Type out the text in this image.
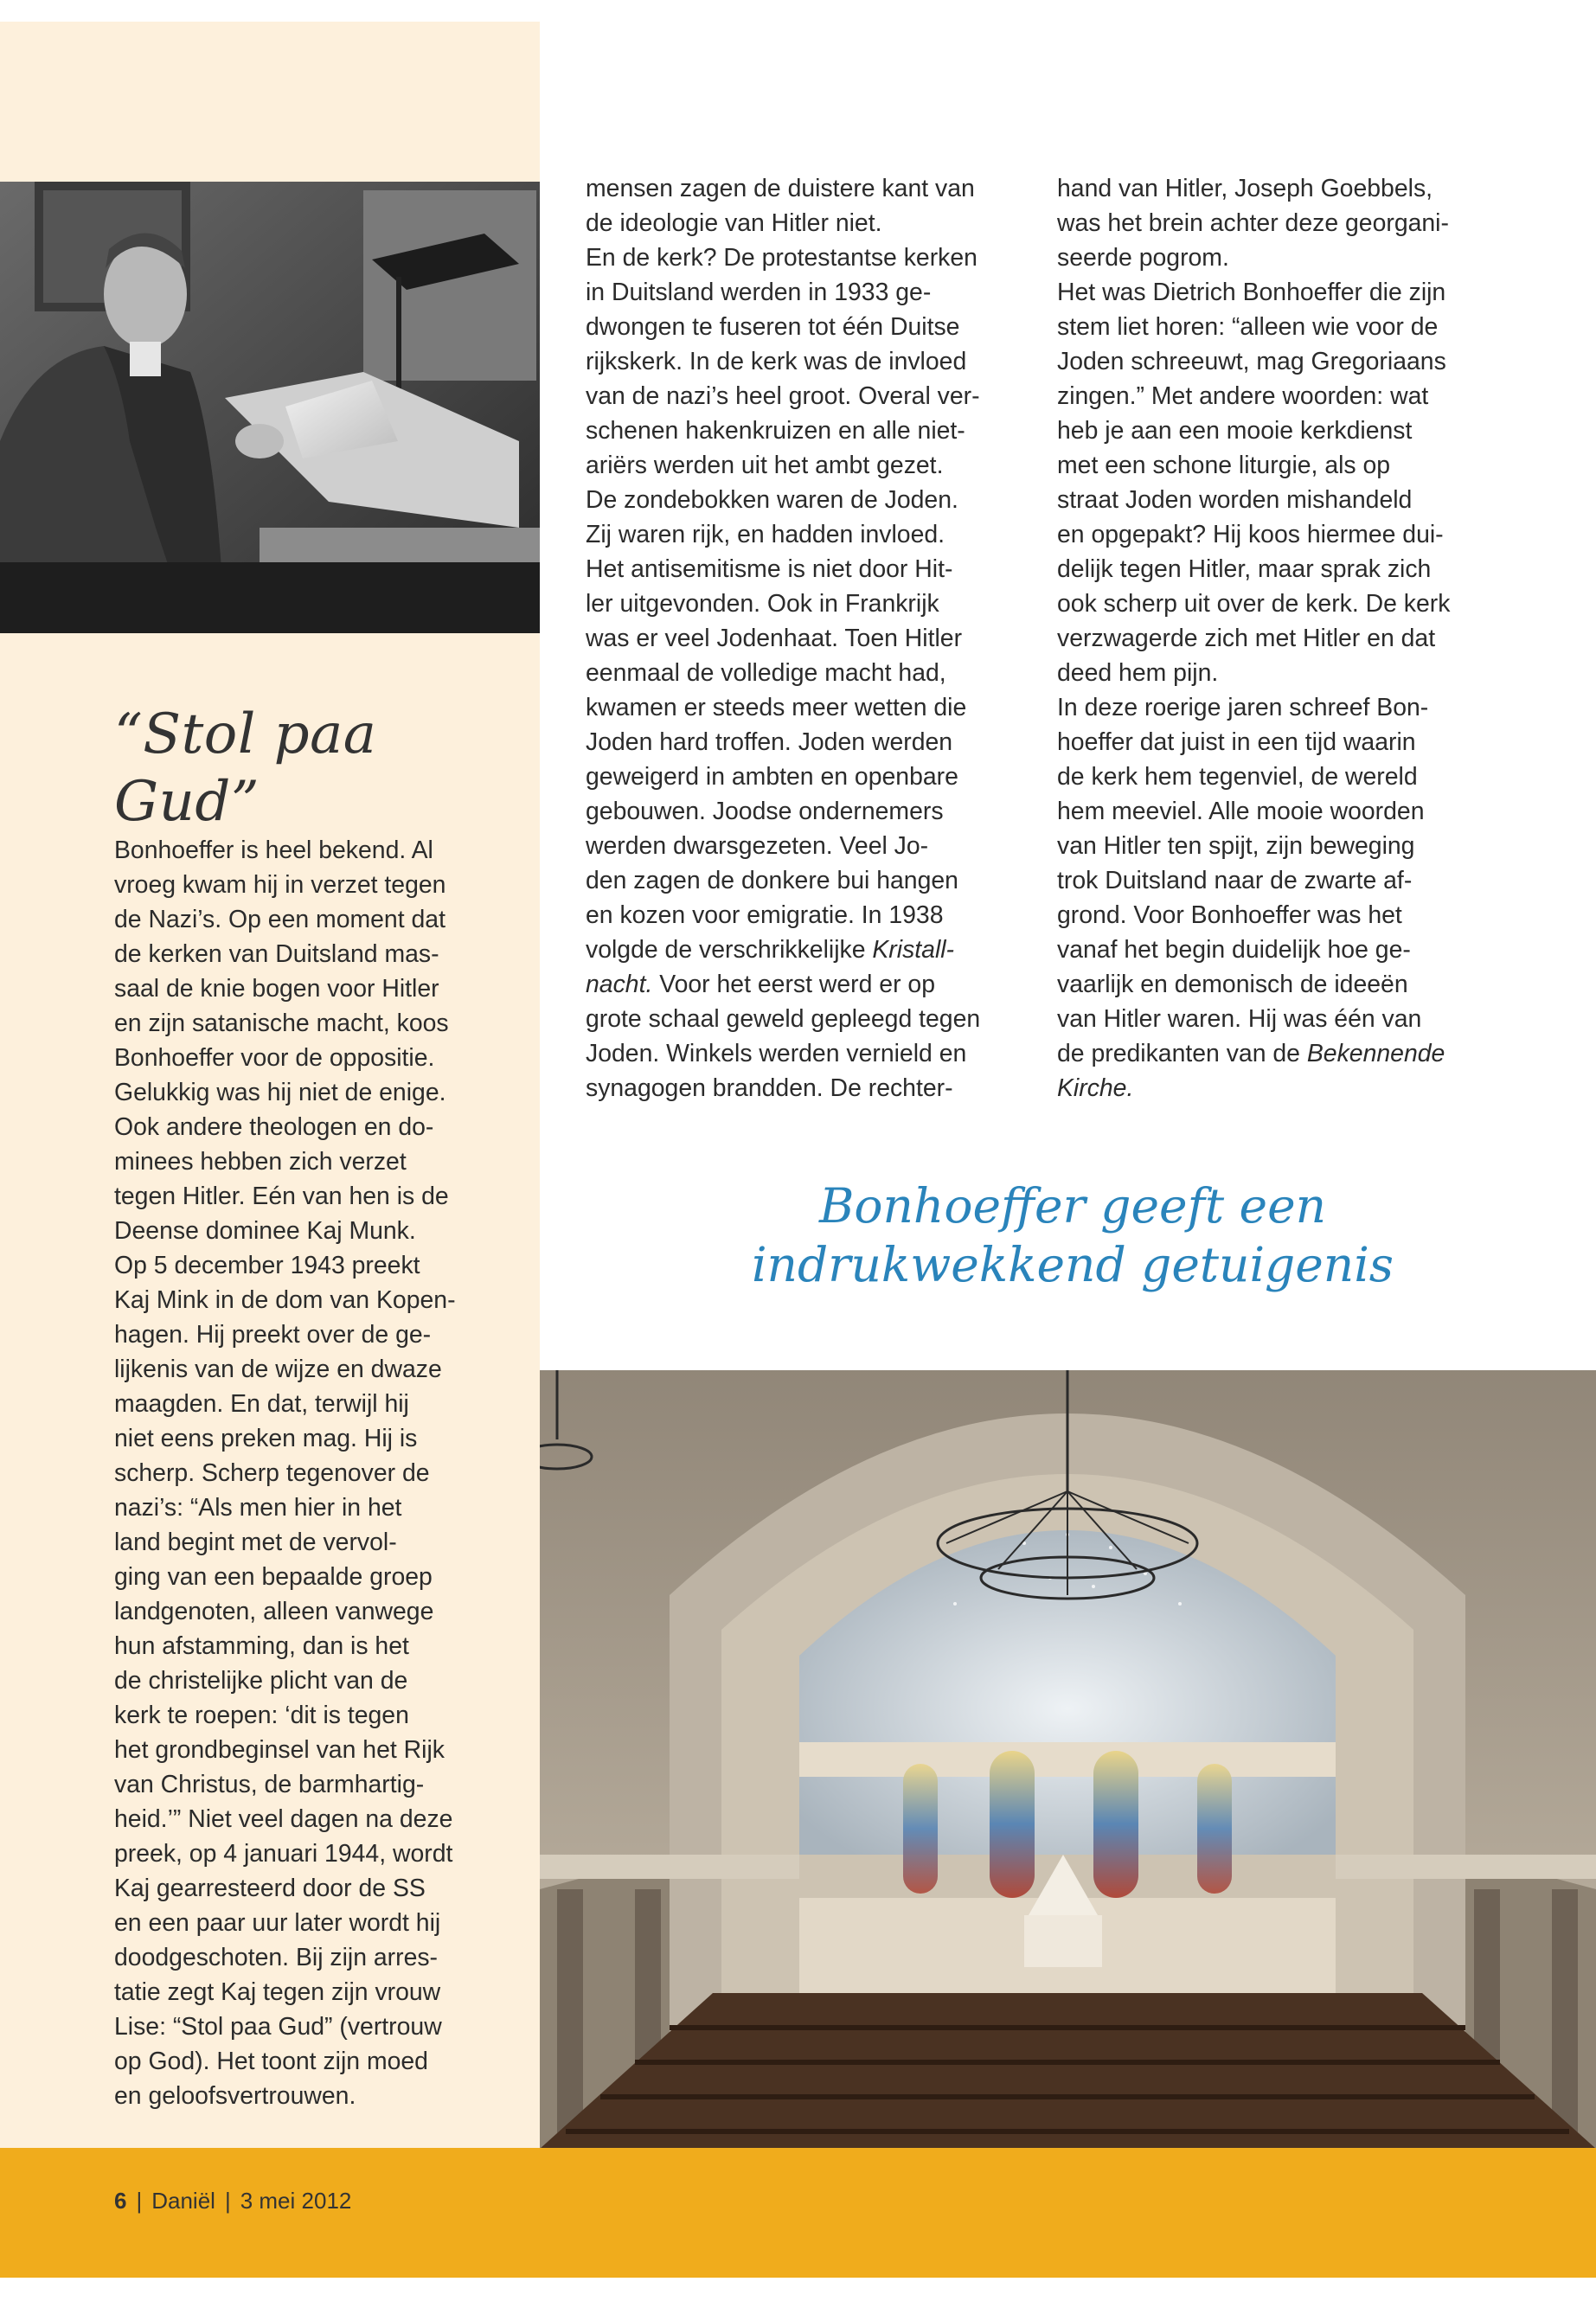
“Stol paa Gud”

Bonhoeffer is heel bekend. Al

vroeg kwam hij in verzet tegen

de Nazi’s. Op een moment dat

de kerken van Duitsland mas-

saal de knie bogen voor Hitler

en zijn satanische macht, koos

Bonhoeffer voor de oppositie.

Gelukkig was hij niet de enige.

Ook andere theologen en do-

minees hebben zich verzet

tegen Hitler. Eén van hen is de

Deense dominee Kaj Munk.

Op 5 december 1943 preekt

Kaj Mink in de dom van Kopen-

hagen. Hij preekt over de ge-

lijkenis van de wijze en dwaze

maagden. En dat, terwijl hij

niet eens preken mag. Hij is

scherp. Scherp tegenover de

nazi’s: “Als men hier in het

land begint met de vervol-

ging van een bepaalde groep

landgenoten, alleen vanwege

hun afstamming, dan is het

de christelijke plicht van de

kerk te roepen: ‘dit is tegen

het grondbeginsel van het Rijk

van Christus, de barmhartig-

heid.’” Niet veel dagen na deze

preek, op 4 januari 1944, wordt

Kaj gearresteerd door de SS

en een paar uur later wordt hij

doodgeschoten. Bij zijn arres-

tatie zegt Kaj tegen zijn vrouw

Lise: “Stol paa Gud” (vertrouw

op God). Het toont zijn moed

en geloofsvertrouwen.

mensen zagen de duistere kant van

de ideologie van Hitler niet.

En de kerk? De protestantse kerken

in Duitsland werden in 1933 ge-

dwongen te fuseren tot één Duitse

rijkskerk. In de kerk was de invloed

van de nazi’s heel groot. Overal ver-

schenen hakenkruizen en alle niet-

ariërs werden uit het ambt gezet.

De zondebokken waren de Joden.

Zij waren rijk, en hadden invloed.

Het antisemitisme is niet door Hit-

ler uitgevonden. Ook in Frankrijk

was er veel Jodenhaat. Toen Hitler

eenmaal de volledige macht had,

kwamen er steeds meer wetten die

Joden hard troffen. Joden werden

geweigerd in ambten en openbare

gebouwen. Joodse ondernemers

werden dwarsgezeten. Veel Jo-

den zagen de donkere bui hangen

en kozen voor emigratie. In 1938

volgde de verschrikkelijke Kristall-

nacht. Voor het eerst werd er op

grote schaal geweld gepleegd tegen

Joden. Winkels werden vernield en

synagogen brandden. De rechter-

hand van Hitler, Joseph Goebbels,

was het brein achter deze georgani-

seerde pogrom.

Het was Dietrich Bonhoeffer die zijn

stem liet horen: “alleen wie voor de

Joden schreeuwt, mag Gregoriaans

zingen.” Met andere woorden: wat

heb je aan een mooie kerkdienst

met een schone liturgie, als op

straat Joden worden mishandeld

en opgepakt? Hij koos hiermee dui-

delijk tegen Hitler, maar sprak zich

ook scherp uit over de kerk. De kerk

verzwagerde zich met Hitler en dat

deed hem pijn.

In deze roerige jaren schreef Bon-

hoeffer dat juist in een tijd waarin

de kerk hem tegenviel, de wereld

hem meeviel. Alle mooie woorden

van Hitler ten spijt, zijn beweging

trok Duitsland naar de zwarte af-

grond. Voor Bonhoeffer was het

vanaf het begin duidelijk hoe ge-

vaarlijk en demonisch de ideeën

van Hitler waren. Hij was één van

de predikanten van de Bekennende

Kirche.

Bonhoeffer geeft een
indrukwekkend getuigenis
6 | Daniël | 3 mei 2012
